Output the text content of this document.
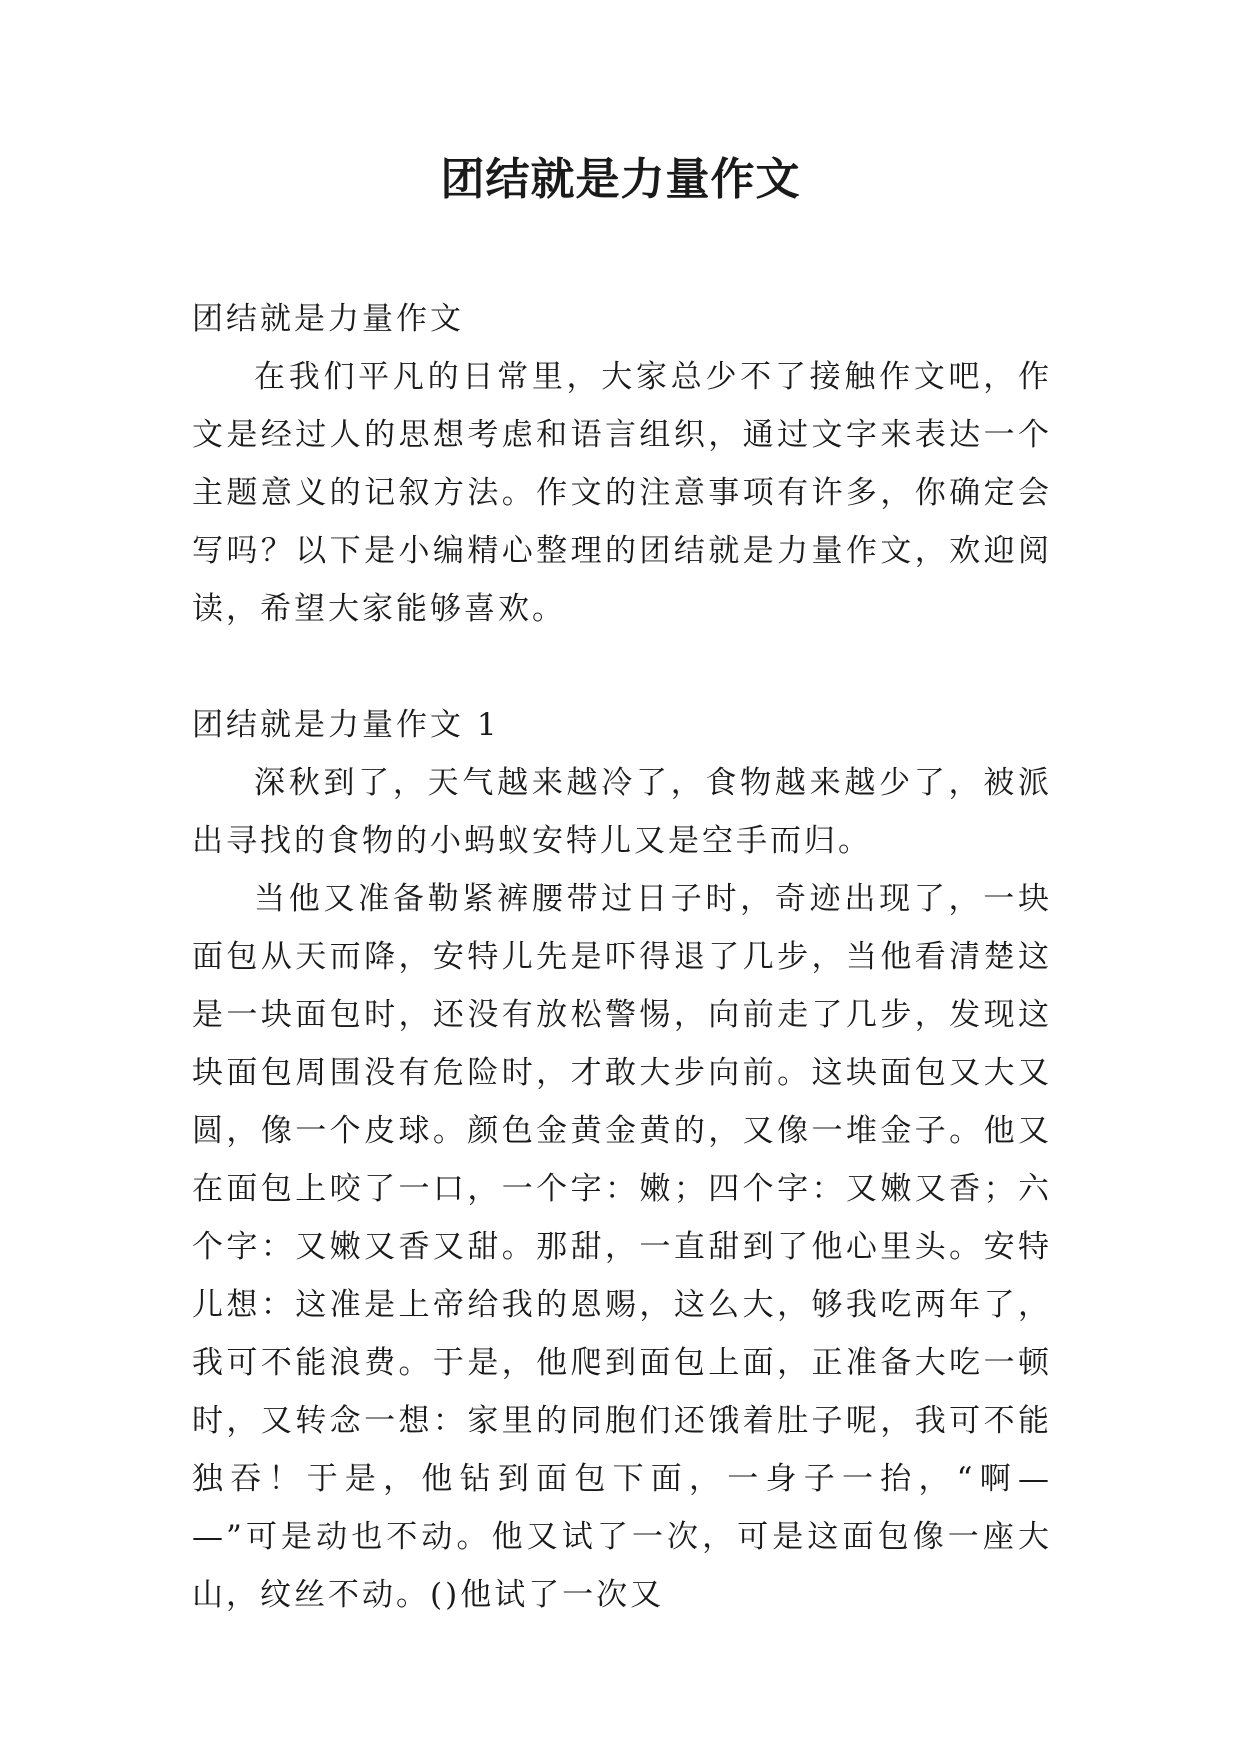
团结就是力量作文

团结就是力量作文

在我们平凡的日常里，大家总少不了接触作文吧，作文是经过人的思想考虑和语言组织，通过文字来表达一个主题意义的记叙方法。作文的注意事项有许多，你确定会写吗？以下是小编精心整理的团结就是力量作文，欢迎阅读，希望大家能够喜欢。

团结就是力量作文 1

深秋到了，天气越来越冷了，食物越来越少了，被派出寻找的食物的小蚂蚁安特儿又是空手而归。

当他又准备勒紧裤腰带过日子时，奇迹出现了，一块面包从天而降，安特儿先是吓得退了几步，当他看清楚这是一块面包时，还没有放松警惕，向前走了几步，发现这块面包周围没有危险时，才敢大步向前。这块面包又大又圆，像一个皮球。颜色金黄金黄的，又像一堆金子。他又在面包上咬了一口，一个字：嫩；四个字：又嫩又香；六个字：又嫩又香又甜。那甜，一直甜到了他心里头。安特儿想：这准是上帝给我的恩赐，这么大，够我吃两年了，我可不能浪费。于是，他爬到面包上面，正准备大吃一顿时，又转念一想：家里的同胞们还饿着肚子呢，我可不能独吞！于是，他钻到面包下面，一身子一抬，“啊— —”可是动也不动。他又试了一次，可是这面包像一座大山，纹丝不动。()他试了一次又
